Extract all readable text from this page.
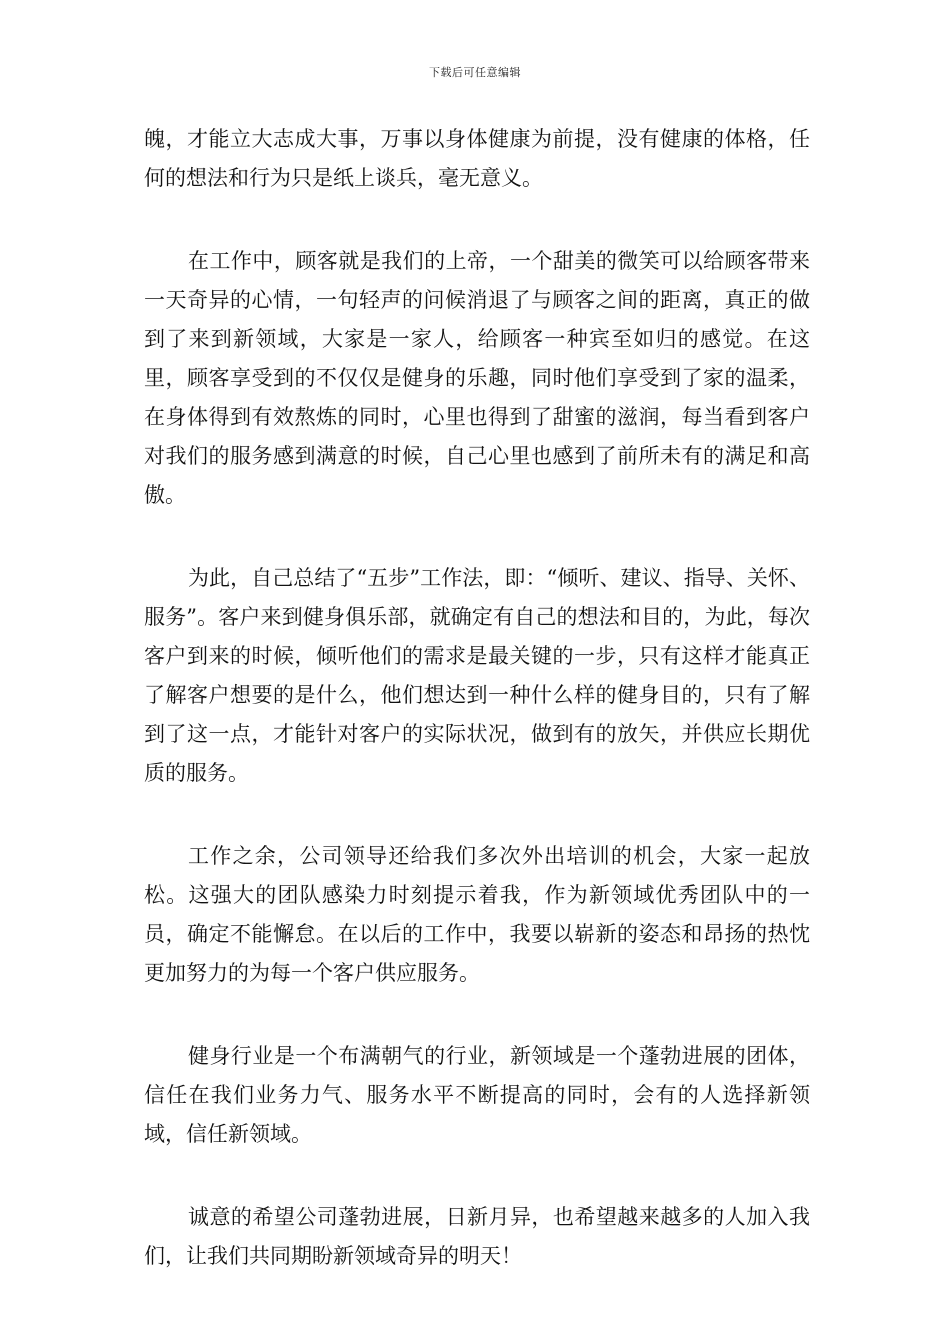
下载后可任意编辑

魄，才能立大志成大事，万事以身体健康为前提，没有健康的体格，任何的想法和行为只是纸上谈兵，毫无意义。

在工作中，顾客就是我们的上帝，一个甜美的微笑可以给顾客带来一天奇异的心情，一句轻声的问候消退了与顾客之间的距离，真正的做到了来到新领域，大家是一家人，给顾客一种宾至如归的感觉。在这里，顾客享受到的不仅仅是健身的乐趣，同时他们享受到了家的温柔，在身体得到有效熬炼的同时，心里也得到了甜蜜的滋润，每当看到客户对我们的服务感到满意的时候，自己心里也感到了前所未有的满足和高傲。

为此，自己总结了“五步”工作法，即：“倾听、建议、指导、关怀、服务”。客户来到健身俱乐部，就确定有自己的想法和目的，为此，每次客户到来的时候，倾听他们的需求是最关键的一步，只有这样才能真正了解客户想要的是什么，他们想达到一种什么样的健身目的，只有了解到了这一点，才能针对客户的实际状况，做到有的放矢，并供应长期优质的服务。

工作之余，公司领导还给我们多次外出培训的机会，大家一起放松。这强大的团队感染力时刻提示着我，作为新领域优秀团队中的一员，确定不能懈怠。在以后的工作中，我要以崭新的姿态和昂扬的热忱更加努力的为每一个客户供应服务。

健身行业是一个布满朝气的行业，新领域是一个蓬勃进展的团体，信任在我们业务力气、服务水平不断提高的同时，会有的人选择新领域，信任新领域。

诚意的希望公司蓬勃进展，日新月异，也希望越来越多的人加入我们，让我们共同期盼新领域奇异的明天！
